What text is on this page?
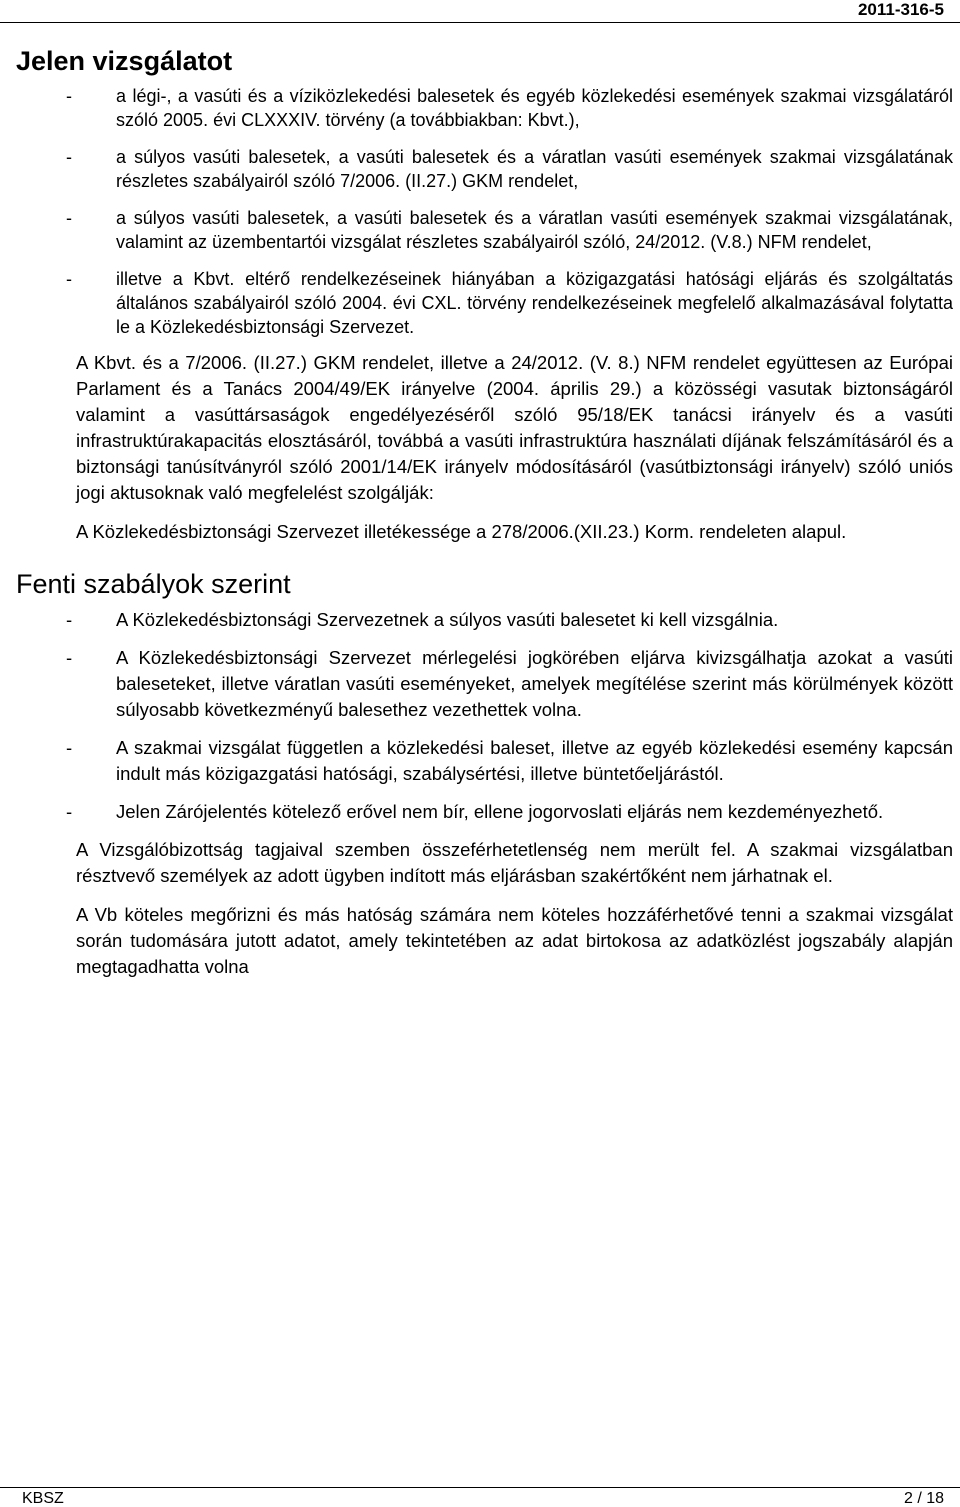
2011-316-5
Jelen vizsgálatot
- a légi-, a vasúti és a víziközlekedési balesetek és egyéb közlekedési események szakmai vizsgálatáról szóló 2005. évi CLXXXIV. törvény (a továbbiakban: Kbvt.),
- a súlyos vasúti balesetek, a vasúti balesetek és a váratlan vasúti események szakmai vizsgálatának részletes szabályairól szóló 7/2006. (II.27.) GKM rendelet,
- a súlyos vasúti balesetek, a vasúti balesetek és a váratlan vasúti események szakmai vizsgálatának, valamint az üzembentartói vizsgálat részletes szabályairól szóló, 24/2012. (V.8.) NFM rendelet,
- illetve a Kbvt. eltérő rendelkezéseinek hiányában a közigazgatási hatósági eljárás és szolgáltatás általános szabályairól szóló 2004. évi CXL. törvény rendelkezéseinek megfelelő alkalmazásával folytatta le a Közlekedésbiztonsági Szervezet.

A Kbvt. és a 7/2006. (II.27.) GKM rendelet, illetve a 24/2012. (V. 8.) NFM rendelet együttesen az Európai Parlament és a Tanács 2004/49/EK irányelve (2004. április 29.) a közösségi vasutak biztonságáról valamint a vasúttársaságok engedélyezéséről szóló 95/18/EK tanácsi irányelv és a vasúti infrastruktúrakapacitás elosztásáról, továbbá a vasúti infrastruktúra használati díjának felszámításáról és a biztonsági tanúsítványról szóló 2001/14/EK irányelv módosításáról (vasútbiztonsági irányelv) szóló uniós jogi aktusoknak való megfelelést szolgálják:

A Közlekedésbiztonsági Szervezet illetékessége a 278/2006.(XII.23.) Korm. rendeleten alapul.

Fenti szabályok szerint
- A Közlekedésbiztonsági Szervezetnek a súlyos vasúti balesetet ki kell vizsgálnia.
- A Közlekedésbiztonsági Szervezet mérlegelési jogkörében eljárva kivizsgálhatja azokat a vasúti baleseteket, illetve váratlan vasúti eseményeket, amelyek megítélése szerint más körülmények között súlyosabb következményű balesethez vezethettek volna.
- A szakmai vizsgálat független a közlekedési baleset, illetve az egyéb közlekedési esemény kapcsán indult más közigazgatási hatósági, szabálysértési, illetve büntetőeljárástól.
- Jelen Zárójelentés kötelező erővel nem bír, ellene jogorvoslati eljárás nem kezdeményezhető.

A Vizsgálóbizottság tagjaival szemben összeférhetetlenség nem merült fel. A szakmai vizsgálatban résztvevő személyek az adott ügyben indított más eljárásban szakértőként nem járhatnak el.

A Vb köteles megőrizni és más hatóság számára nem köteles hozzáférhetővé tenni a szakmai vizsgálat során tudomására jutott adatot, amely tekintetében az adat birtokosa az adatközlést jogszabály alapján megtagadhatta volna

KBSZ	2 / 18
